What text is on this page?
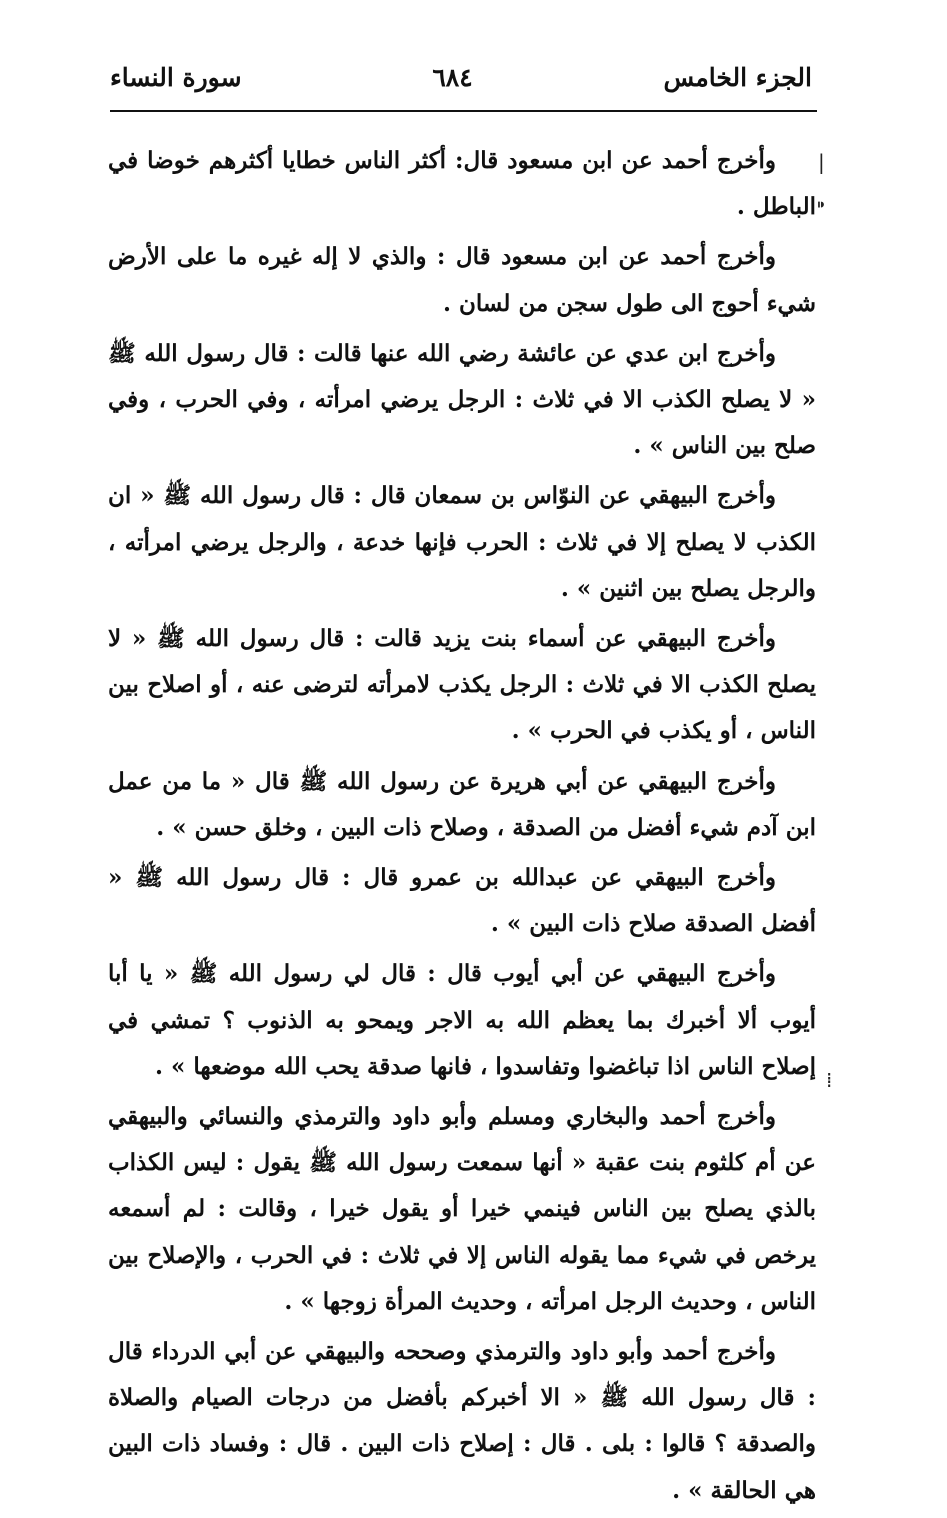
الجزء الخامس
٦٨٤
سورة النساء
|
⁍
⁞

وأخرج أحمد عن ابن مسعود قال: أكثر الناس خطايا أكثرهم خوضا في الباطل .

وأخرج أحمد عن ابن مسعود قال : والذي لا إله غيره ما على الأرض شيء أحوج الى طول سجن من لسان .

وأخرج ابن عدي عن عائشة رضي الله عنها قالت : قال رسول الله ﷺ « لا يصلح الكذب الا في ثلاث : الرجل يرضي امرأته ، وفي الحرب ، وفي صلح بين الناس » .

وأخرج البيهقي عن النوّاس بن سمعان قال : قال رسول الله ﷺ « ان الكذب لا يصلح إلا في ثلاث : الحرب فإنها خدعة ، والرجل يرضي امرأته ، والرجل يصلح بين اثنين » .

وأخرج البيهقي عن أسماء بنت يزيد قالت : قال رسول الله ﷺ « لا يصلح الكذب الا في ثلاث : الرجل يكذب لامرأته لترضى عنه ، أو اصلاح بين الناس ، أو يكذب في الحرب » .

وأخرج البيهقي عن أبي هريرة عن رسول الله ﷺ قال « ما من عمل ابن آدم شيء أفضل من الصدقة ، وصلاح ذات البين ، وخلق حسن » .

وأخرج البيهقي عن عبدالله بن عمرو قال : قال رسول الله ﷺ « أفضل الصدقة صلاح ذات البين » .

وأخرج البيهقي عن أبي أيوب قال : قال لي رسول الله ﷺ « يا أبا أيوب ألا أخبرك بما يعظم الله به الاجر ويمحو به الذنوب ؟ تمشي في إصلاح الناس اذا تباغضوا وتفاسدوا ، فانها صدقة يحب الله موضعها » .

وأخرج أحمد والبخاري ومسلم وأبو داود والترمذي والنسائي والبيهقي عن أم كلثوم بنت عقبة « أنها سمعت رسول الله ﷺ يقول : ليس الكذاب بالذي يصلح بين الناس فينمي خيرا أو يقول خيرا ، وقالت : لم أسمعه يرخص في شيء مما يقوله الناس إلا في ثلاث : في الحرب ، والإصلاح بين الناس ، وحديث الرجل امرأته ، وحديث المرأة زوجها » .

وأخرج أحمد وأبو داود والترمذي وصححه والبيهقي عن أبي الدرداء قال : قال رسول الله ﷺ « الا أخبركم بأفضل من درجات الصيام والصلاة والصدقة ؟ قالوا : بلى . قال : إصلاح ذات البين . قال : وفساد ذات البين هي الحالقة » .
